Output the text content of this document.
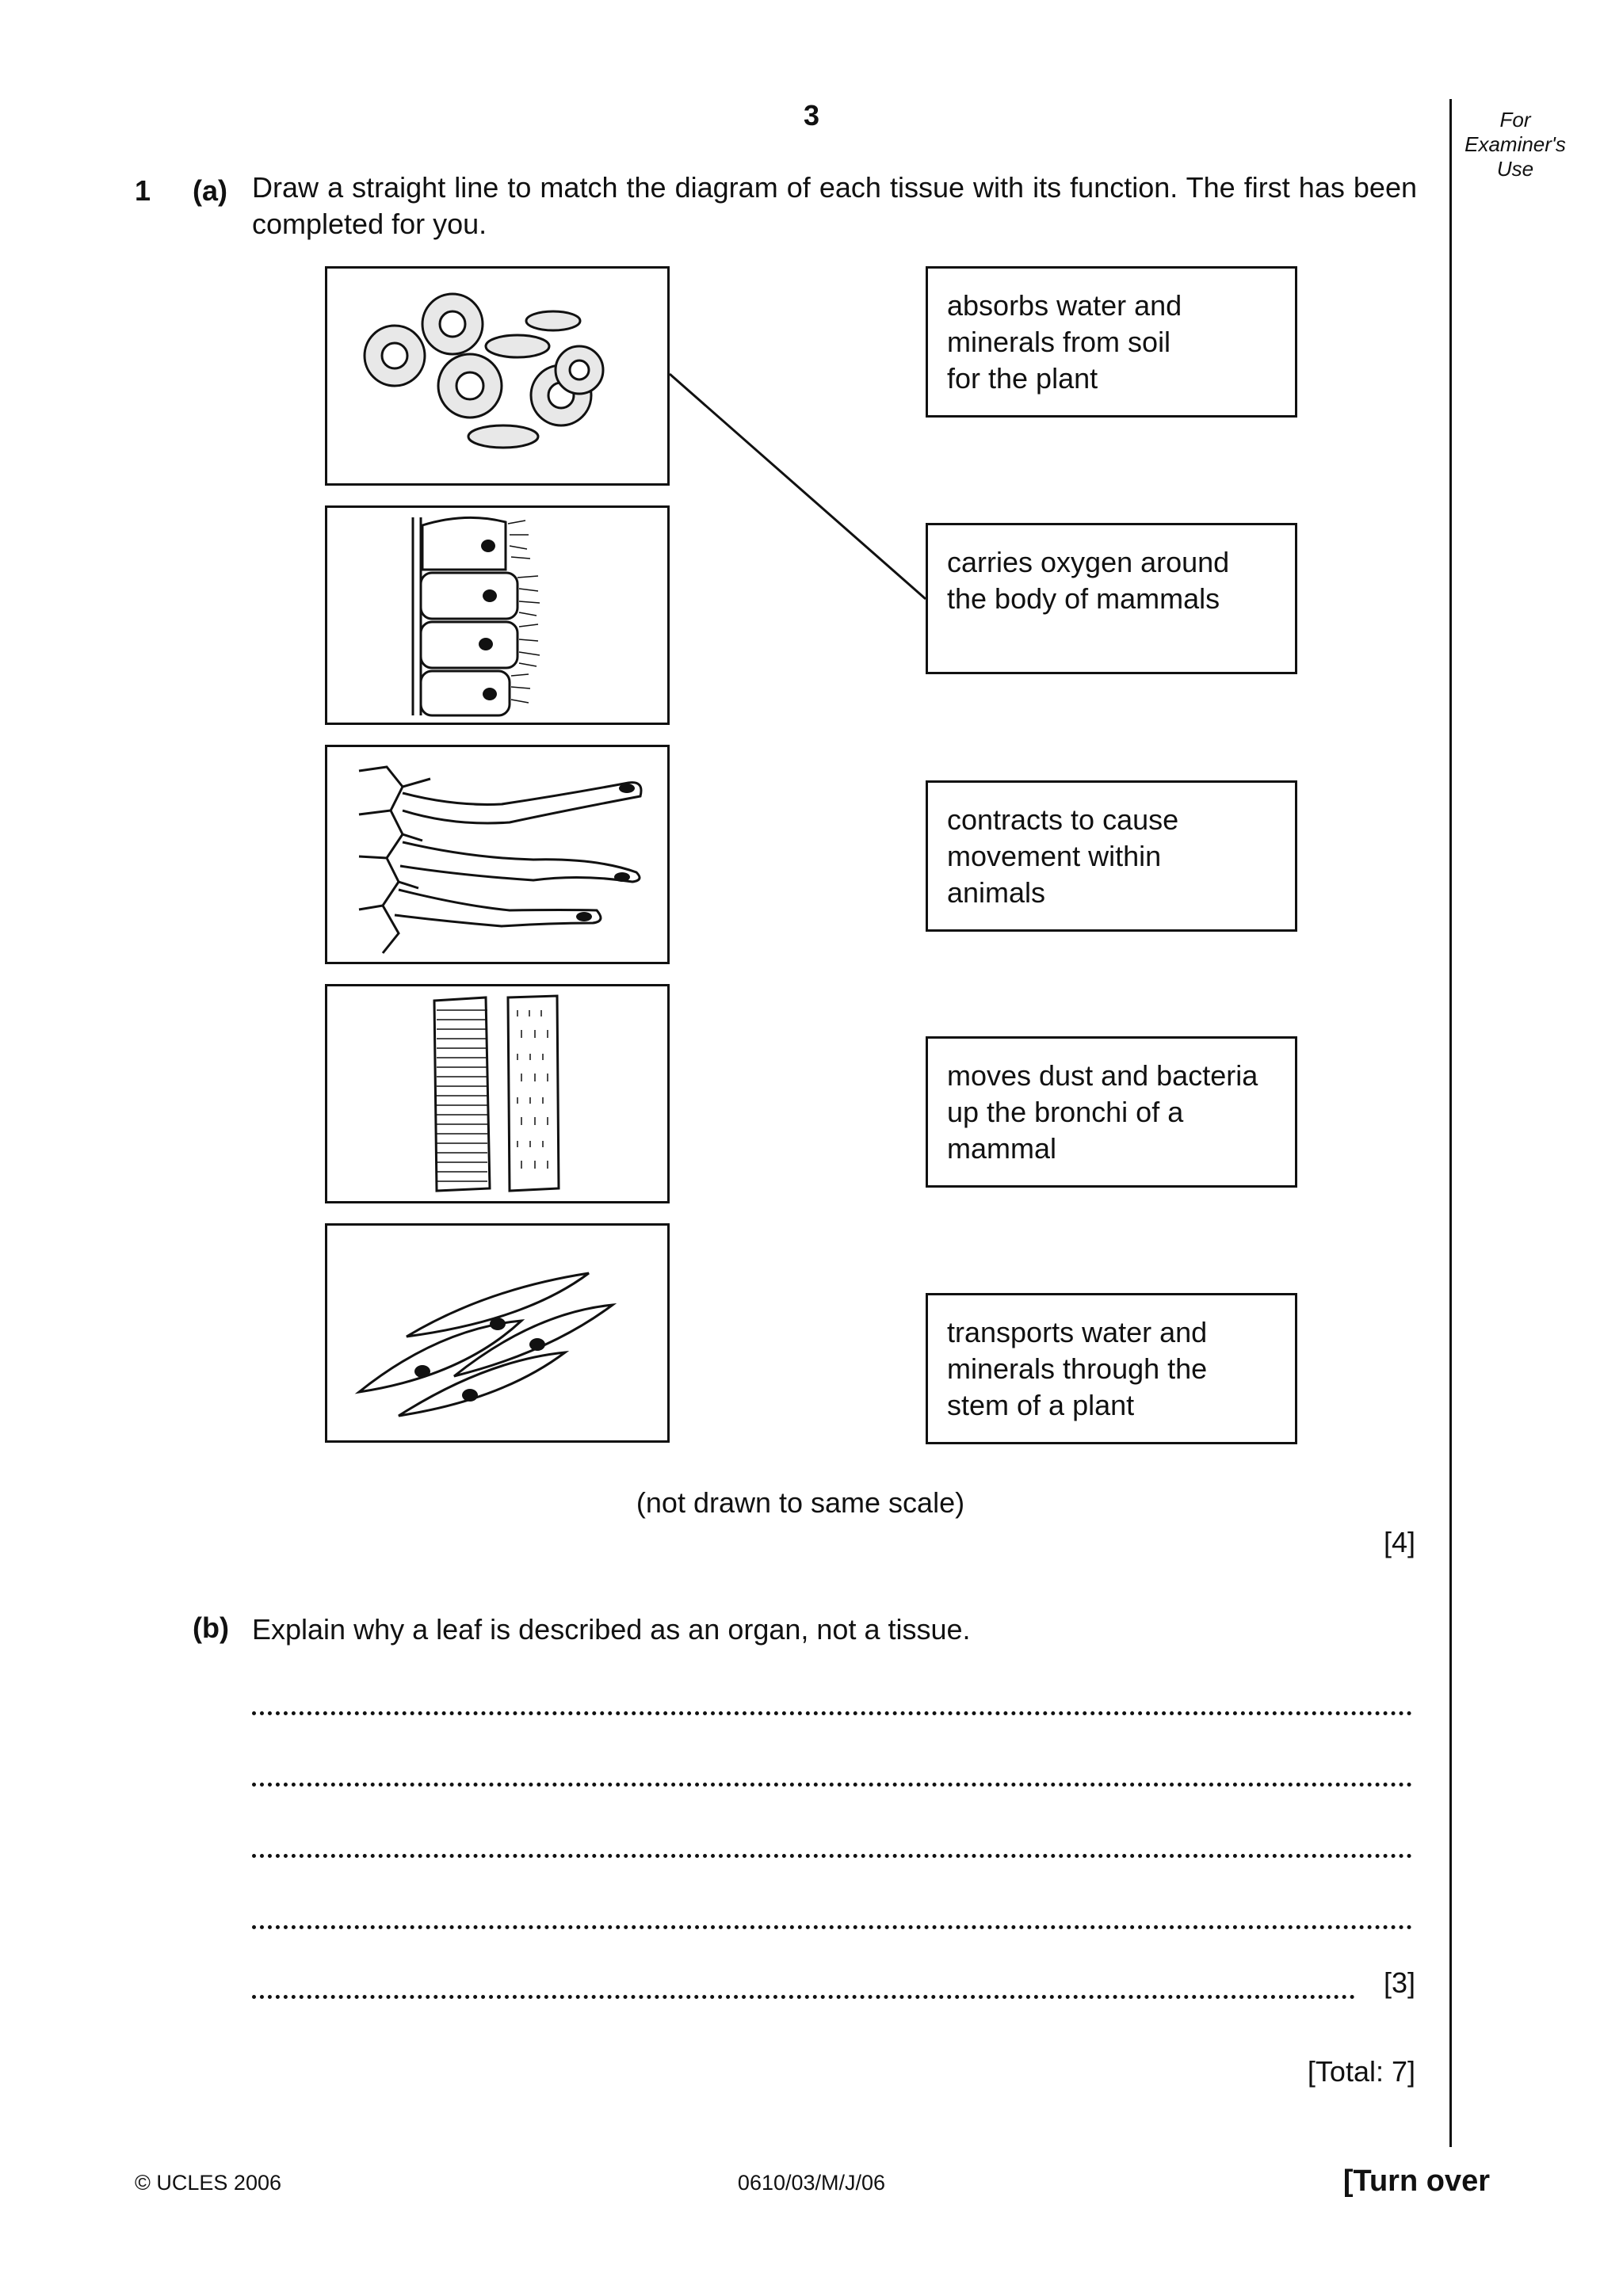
3	For
Examiner's
Use
1 (a) Draw a straight line to match the diagram of each tissue with its function. The first has been completed for you.
absorbs water and
minerals from soil
for the plant
carries oxygen around
the body of mammals
contracts to cause
movement within
animals
moves dust and bacteria
up the bronchi of a
mammal
transports water and
minerals through the
stem of a plant
(not drawn to same scale)
[4]
(b) Explain why a leaf is described as an organ, not a tissue.
[3]
[Total: 7]
© UCLES 2006	0610/03/M/J/06	[Turn over
